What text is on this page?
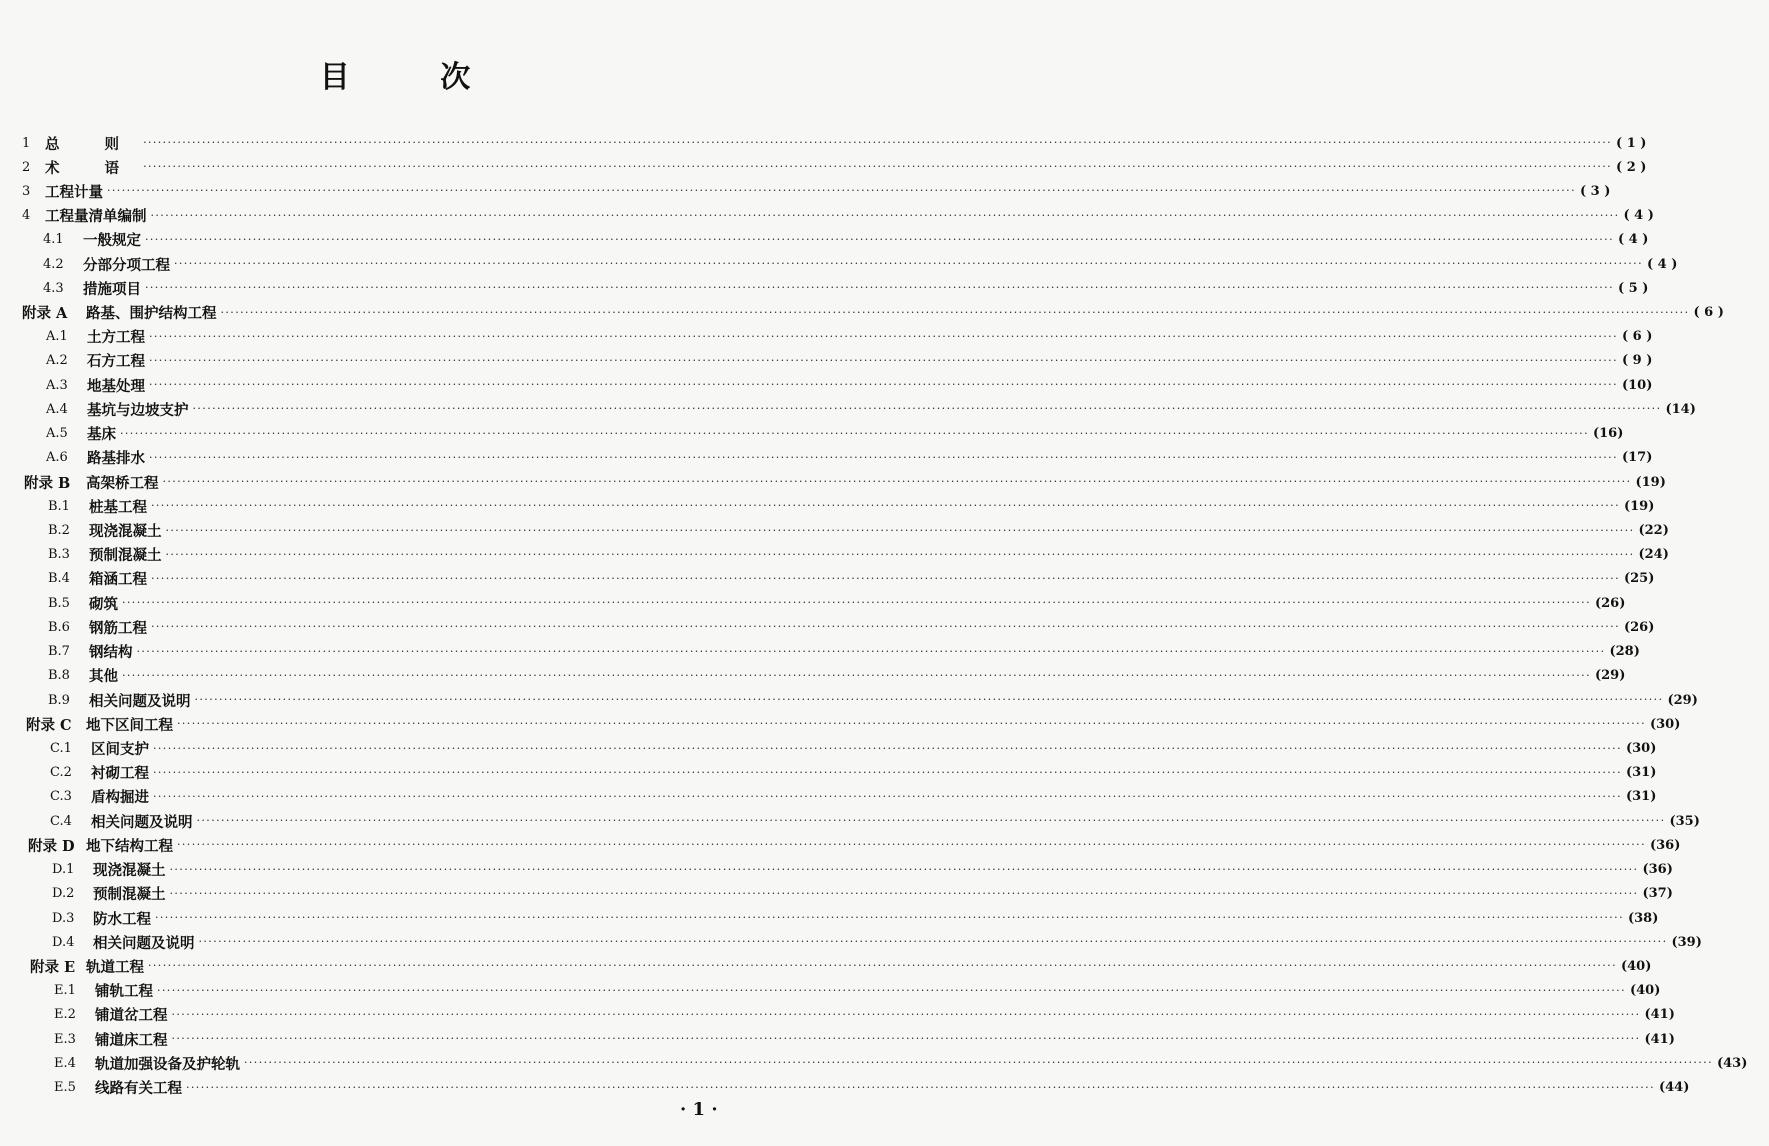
目 次
1 总 则 ············································································································································································································································································································ ( 1 )
2 术 语 ············································································································································································································································································································ ( 2 )
3 工程计量 ············································································································································································································································································································ ( 3 )
4 工程量清单编制 ············································································································································································································································································································ ( 4 )
4.1 一般规定 ············································································································································································································································································································ ( 4 )
4.2 分部分项工程 ············································································································································································································································································································ ( 4 )
4.3 措施项目 ············································································································································································································································································································ ( 5 )
附录 A 路基、围护结构工程 ············································································································································································································································································································ ( 6 )
A.1 土方工程 ············································································································································································································································································································ ( 6 )
A.2 石方工程 ············································································································································································································································································································ ( 9 )
A.3 地基处理 ············································································································································································································································································································ (10)
A.4 基坑与边坡支护 ············································································································································································································································································································ (14)
A.5 基床 ············································································································································································································································································································ (16)
A.6 路基排水 ············································································································································································································································································································ (17)
附录 B 高架桥工程 ············································································································································································································································································································ (19)
B.1 桩基工程 ············································································································································································································································································································ (19)
B.2 现浇混凝土 ············································································································································································································································································································ (22)
B.3 预制混凝土 ············································································································································································································································································································ (24)
B.4 箱涵工程 ············································································································································································································································································································ (25)
B.5 砌筑 ············································································································································································································································································································ (26)
B.6 钢筋工程 ············································································································································································································································································································ (26)
B.7 钢结构 ············································································································································································································································································································ (28)
B.8 其他 ············································································································································································································································································································ (29)
B.9 相关问题及说明 ············································································································································································································································································································ (29)
附录 C 地下区间工程 ············································································································································································································································································································ (30)
C.1 区间支护 ············································································································································································································································································································ (30)
C.2 衬砌工程 ············································································································································································································································································································ (31)
C.3 盾构掘进 ············································································································································································································································································································ (31)
C.4 相关问题及说明 ············································································································································································································································································································ (35)
附录 D 地下结构工程 ············································································································································································································································································································ (36)
D.1 现浇混凝土 ············································································································································································································································································································ (36)
D.2 预制混凝土 ············································································································································································································································································································ (37)
D.3 防水工程 ············································································································································································································································································································ (38)
D.4 相关问题及说明 ············································································································································································································································································································ (39)
附录 E 轨道工程 ············································································································································································································································································································ (40)
E.1 铺轨工程 ············································································································································································································································································································ (40)
E.2 铺道岔工程 ············································································································································································································································································································ (41)
E.3 铺道床工程 ············································································································································································································································································································ (41)
E.4 轨道加强设备及护轮轨 ············································································································································································································································································································ (43)
E.5 线路有关工程 ············································································································································································································································································································ (44)
· 1 ·
